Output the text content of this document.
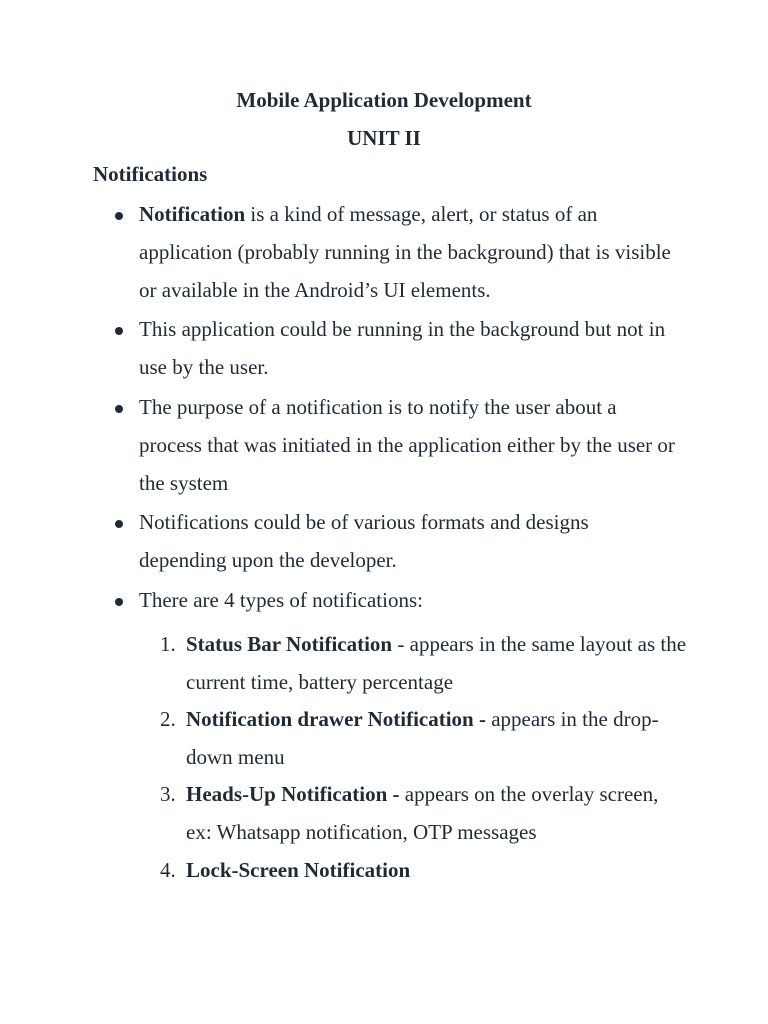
Mobile Application Development
UNIT II
Notifications
Notification is a kind of message, alert, or status of an application (probably running in the background) that is visible or available in the Android’s UI elements.
This application could be running in the background but not in use by the user.
The purpose of a notification is to notify the user about a process that was initiated in the application either by the user or the system
Notifications could be of various formats and designs depending upon the developer.
There are 4 types of notifications:
1. Status Bar Notification - appears in the same layout as the current time, battery percentage
2. Notification drawer Notification - appears in the drop-down menu
3. Heads-Up Notification - appears on the overlay screen, ex: Whatsapp notification, OTP messages
4. Lock-Screen Notification
